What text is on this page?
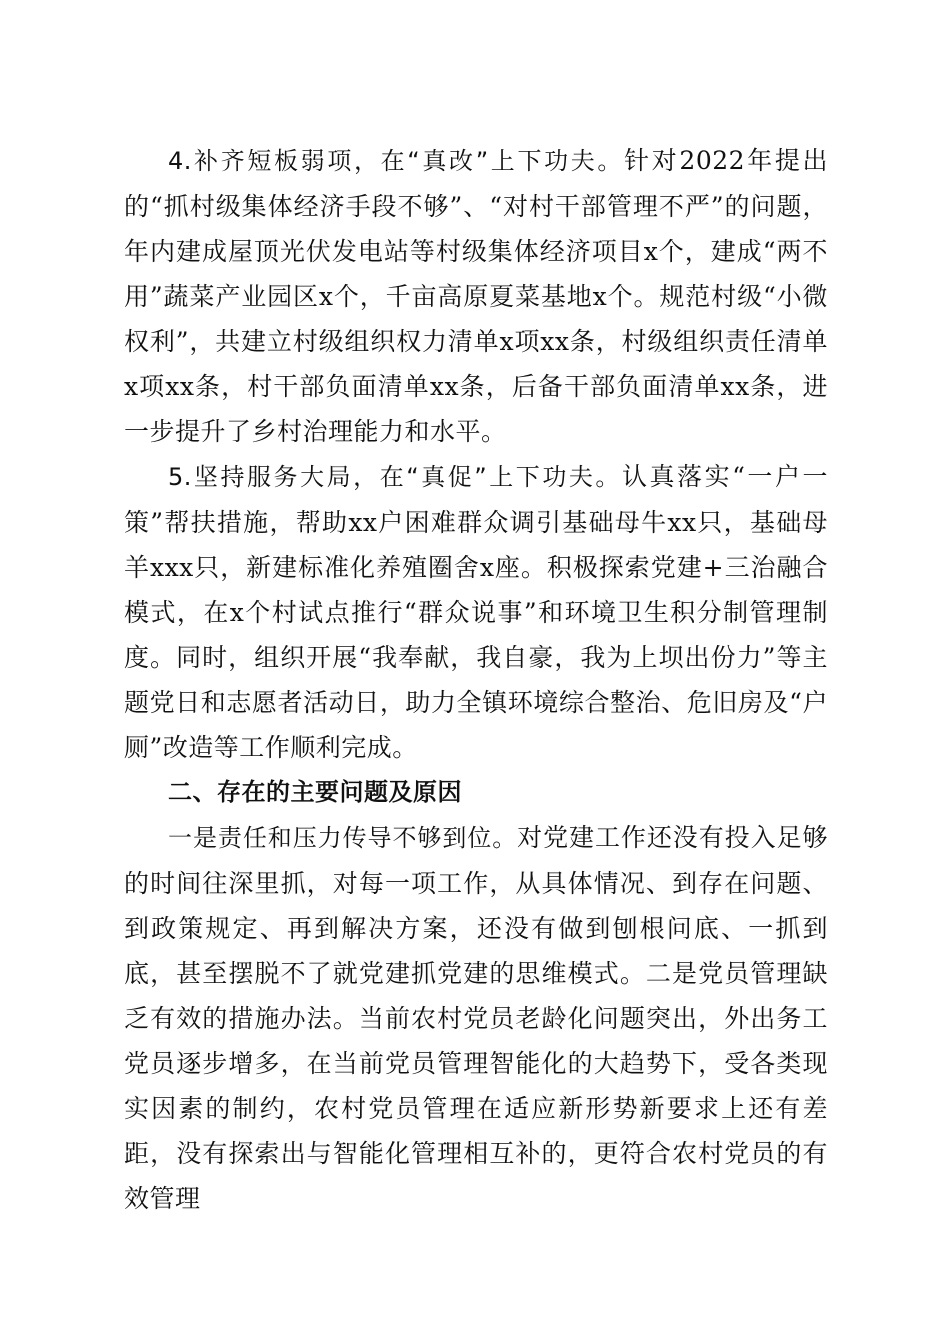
4.补齐短板弱项，在“真改”上下功夫。针对2022年提出的“抓村级集体经济手段不够”、“对村干部管理不严”的问题，年内建成屋顶光伏发电站等村级集体经济项目x个，建成“两不用”蔬菜产业园区x个，千亩高原夏菜基地x个。规范村级“小微权利”，共建立村级组织权力清单x项xx条，村级组织责任清单x项xx条，村干部负面清单xx条，后备干部负面清单xx条，进一步提升了乡村治理能力和水平。

5.坚持服务大局，在“真促”上下功夫。认真落实“一户一策”帮扶措施，帮助xx户困难群众调引基础母牛xx只，基础母羊xxx只，新建标准化养殖圈舍x座。积极探索党建+三治融合模式，在x个村试点推行“群众说事”和环境卫生积分制管理制度。同时，组织开展“我奉献，我自豪，我为上坝出份力”等主题党日和志愿者活动日，助力全镇环境综合整治、危旧房及“户厕”改造等工作顺利完成。

二、存在的主要问题及原因

一是责任和压力传导不够到位。对党建工作还没有投入足够的时间往深里抓，对每一项工作，从具体情况、到存在问题、到政策规定、再到解决方案，还没有做到刨根问底、一抓到底，甚至摆脱不了就党建抓党建的思维模式。二是党员管理缺乏有效的措施办法。当前农村党员老龄化问题突出，外出务工党员逐步增多，在当前党员管理智能化的大趋势下，受各类现实因素的制约，农村党员管理在适应新形势新要求上还有差距，没有探索出与智能化管理相互补的，更符合农村党员的有效管理
